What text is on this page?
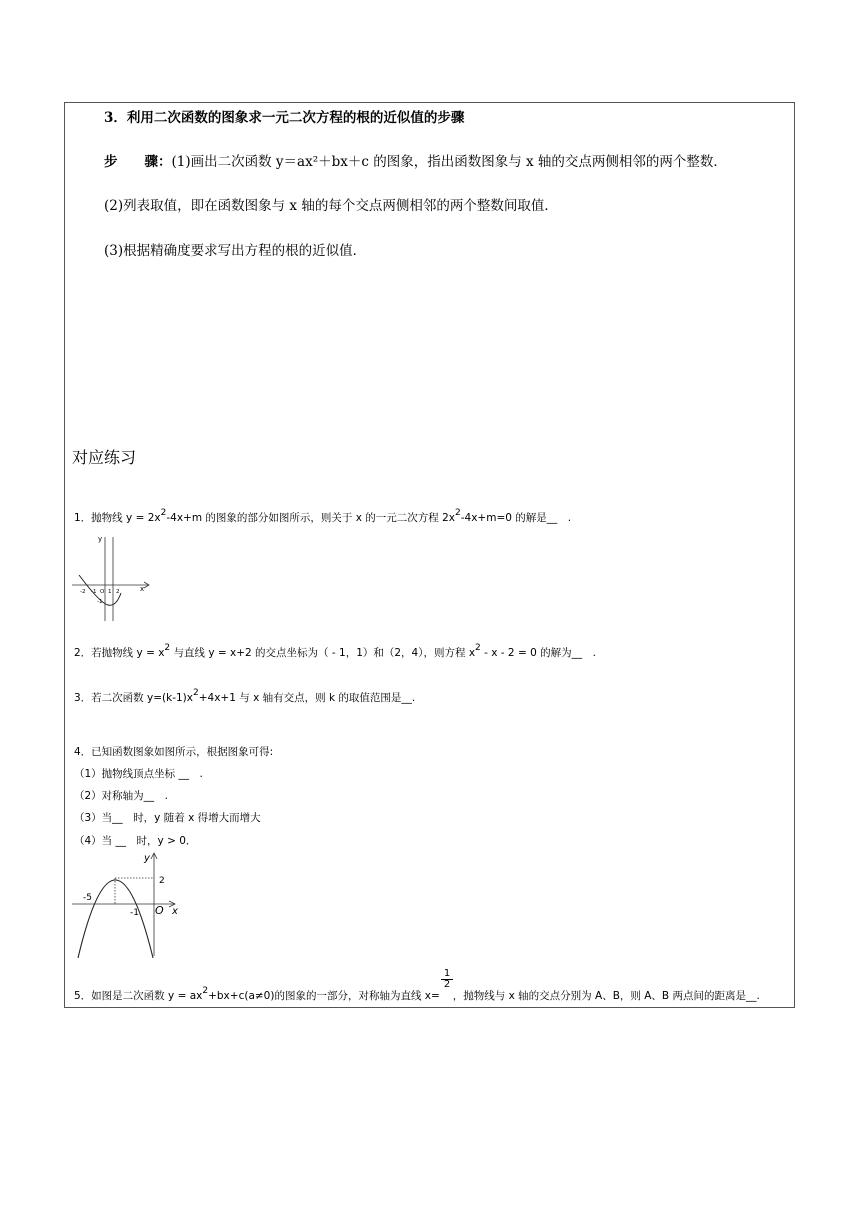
3．利用二次函数的图象求一元二次方程的根的近似值的步骤
步　　骤：(1)画出二次函数 y＝ax²＋bx＋c 的图象，指出函数图象与 x 轴的交点两侧相邻的两个整数．
(2)列表取值，即在函数图象与 x 轴的每个交点两侧相邻的两个整数间取值．
(3)根据精确度要求写出方程的根的近似值．
对应练习
1．抛物线 $y = 2x^2-4x+m$ 的图象的部分如图所示，则关于 x 的一元二次方程 $2x^2-4x+m=0$ 的解是__　.
y
x
-2 -1 O 1 2
-1
2．若抛物线 $y = x^2$ 与直线 y = x+2 的交点坐标为（ - 1，1）和（2，4），则方程 $x^2 - x - 2 = 0$ 的解为__　.
3．若二次函数 $y=(k-1)x^2+4x+1$ 与 x 轴有交点，则 k 的取值范围是__.
4．已知函数图象如图所示，根据图象可得:
（1）抛物线顶点坐标 __　.
（2）对称轴为__　.
（3）当__　时，y 随着 x 得增大而增大
（4）当 __　时，y > 0．
y
x
O
2
-5
-1
$\frac{1}{2}$
5．如图是二次函数 $y = ax^2+bx+c(a\ne 0)$的图象的一部分，对称轴为直线 x= ，抛物线与 x 轴的交点分别为 A、B，则 A、B 两点间的距离是__.
